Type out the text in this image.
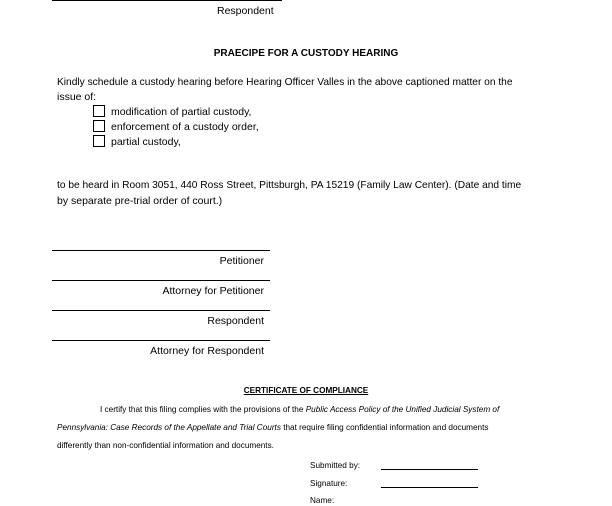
Respondent
PRAECIPE FOR A CUSTODY HEARING
Kindly schedule a custody hearing before Hearing Officer Valles in the above captioned matter on the
issue of:
modification of partial custody,
enforcement of a custody order,
partial custody,
to be heard in Room 3051, 440 Ross Street, Pittsburgh, PA 15219 (Family Law Center). (Date and time
by separate pre-trial order of court.)
Petitioner
Attorney for Petitioner
Respondent
Attorney for Respondent
CERTIFICATE OF COMPLIANCE
I certify that this filing complies with the provisions of the Public Access Policy of the Unified Judicial System of
Pennsylvania: Case Records of the Appellate and Trial Courts that require filing confidential information and documents
differently than non-confidential information and documents.
Submitted by:
Signature:
Name:
